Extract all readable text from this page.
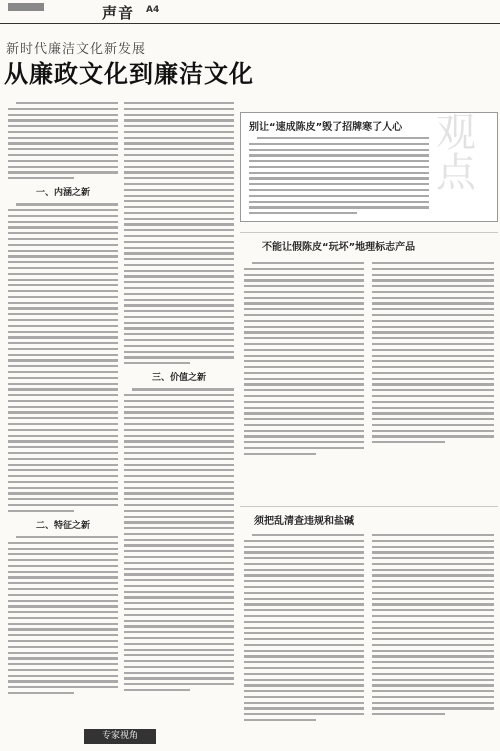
声音 A4
新时代廉洁文化新发展
从廉政文化到廉洁文化
一、内涵之新
二、特征之新
三、价值之新
别让“速成陈皮”毁了招牌寒了人心 观点
不能让假陈皮“玩坏”地理标志产品
须把乱清查违规和盐碱
专家视角
